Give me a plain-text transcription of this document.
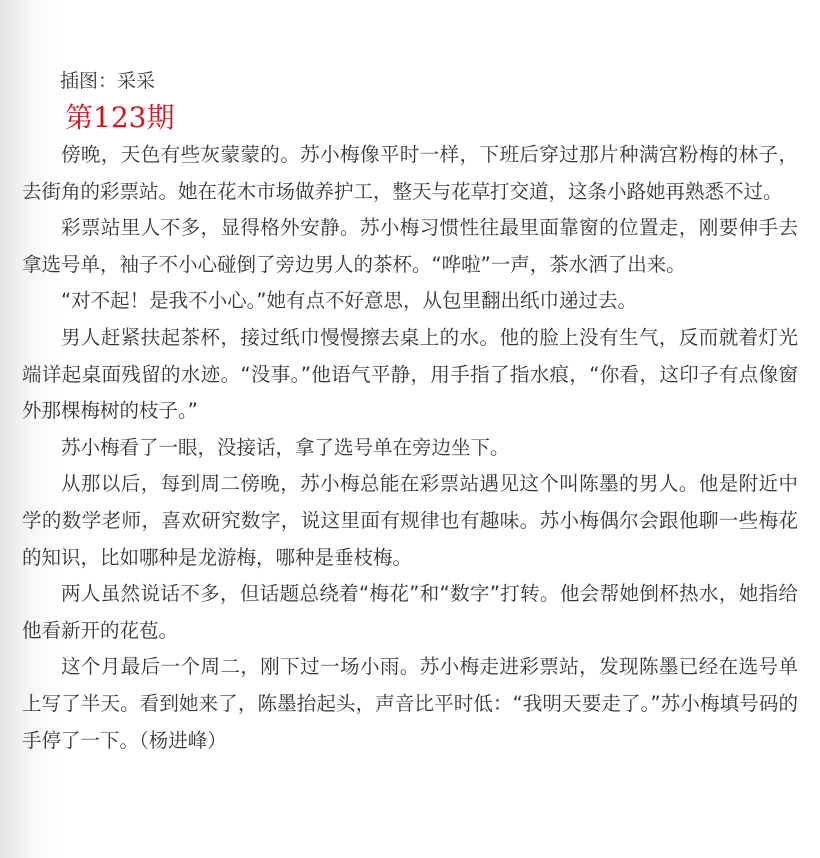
插图：采采
第123期

傍晚，天色有些灰蒙蒙的。苏小梅像平时一样，下班后穿过那片种满宫粉梅的林子，去街角的彩票站。她在花木市场做养护工，整天与花草打交道，这条小路她再熟悉不过。

彩票站里人不多，显得格外安静。苏小梅习惯性往最里面靠窗的位置走，刚要伸手去拿选号单，袖子不小心碰倒了旁边男人的茶杯。“哗啦”一声，茶水洒了出来。

“对不起！是我不小心。”她有点不好意思，从包里翻出纸巾递过去。

男人赶紧扶起茶杯，接过纸巾慢慢擦去桌上的水。他的脸上没有生气，反而就着灯光端详起桌面残留的水迹。“没事。”他语气平静，用手指了指水痕，“你看，这印子有点像窗外那棵梅树的枝子。”

苏小梅看了一眼，没接话，拿了选号单在旁边坐下。

从那以后，每到周二傍晚，苏小梅总能在彩票站遇见这个叫陈墨的男人。他是附近中学的数学老师，喜欢研究数字，说这里面有规律也有趣味。苏小梅偶尔会跟他聊一些梅花的知识，比如哪种是龙游梅，哪种是垂枝梅。

两人虽然说话不多，但话题总绕着“梅花”和“数字”打转。他会帮她倒杯热水，她指给他看新开的花苞。

这个月最后一个周二，刚下过一场小雨。苏小梅走进彩票站，发现陈墨已经在选号单上写了半天。看到她来了，陈墨抬起头，声音比平时低：“我明天要走了。”苏小梅填号码的手停了一下。（杨进峰）
